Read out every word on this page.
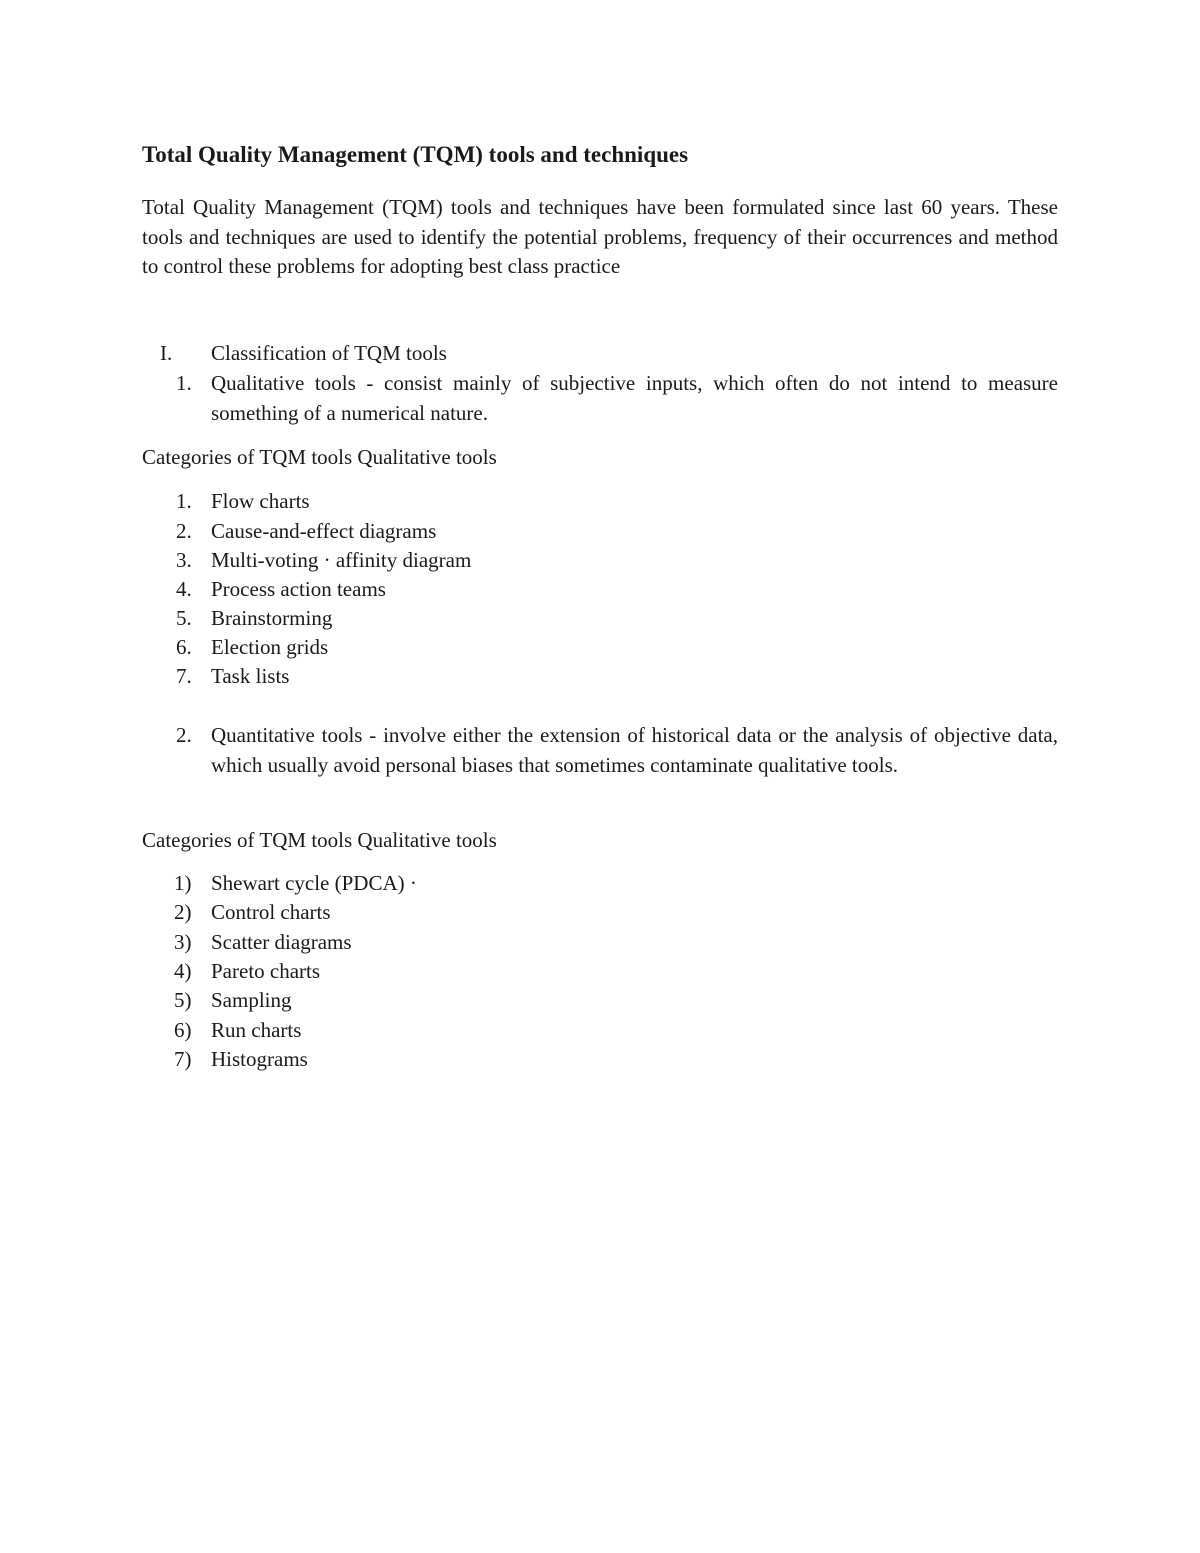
Total Quality Management (TQM) tools and techniques

Total Quality Management (TQM) tools and techniques have been formulated since last 60 years. These tools and techniques are used to identify the potential problems, frequency of their occurrences and method to control these problems for adopting best class practice

I.	Classification of TQM tools
1. Qualitative tools - consist mainly of subjective inputs, which often do not intend to measure something of a numerical nature.

Categories of TQM tools Qualitative tools

1. Flow charts
2. Cause-and-effect diagrams
3. Multi-voting · affinity diagram
4. Process action teams
5. Brainstorming
6. Election grids
7. Task lists
2. Quantitative tools - involve either the extension of historical data or the analysis of objective data, which usually avoid personal biases that sometimes contaminate qualitative tools.

Categories of TQM tools Qualitative tools

1) Shewart cycle (PDCA) ·
2) Control charts
3) Scatter diagrams
4) Pareto charts
5) Sampling
6) Run charts
7) Histograms
